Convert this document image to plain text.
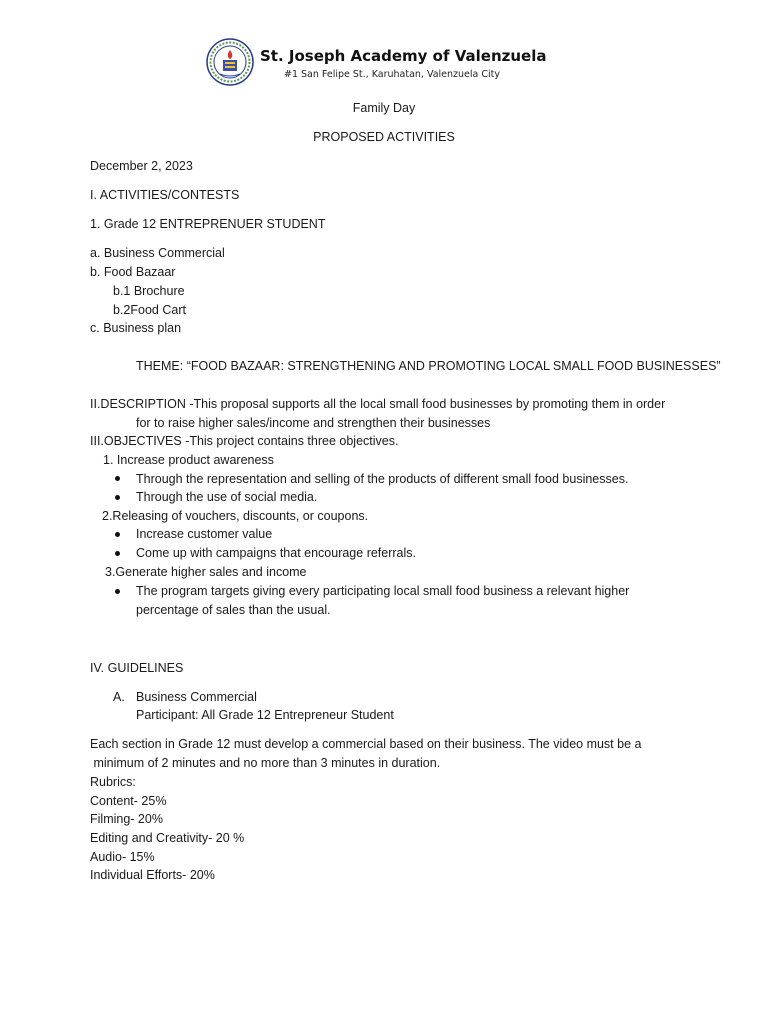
St. Joseph Academy of Valenzuela
#1 San Felipe St., Karuhatan, Valenzuela City
Family Day
PROPOSED ACTIVITIES
December 2, 2023
I. ACTIVITIES/CONTESTS
1. Grade 12 ENTREPRENUER STUDENT
a. Business Commercial
b. Food Bazaar
b.1 Brochure
b.2Food Cart
c. Business plan
THEME: “FOOD BAZAAR: STRENGTHENING AND PROMOTING LOCAL SMALL FOOD BUSINESSES”
II.DESCRIPTION -This proposal supports all the local small food businesses by promoting them in order
for to raise higher sales/income and strengthen their businesses
III.OBJECTIVES -This project contains three objectives.
1. Increase product awareness
Through the representation and selling of the products of different small food businesses.
Through the use of social media.
2.Releasing of vouchers, discounts, or coupons.
Increase customer value
Come up with campaigns that encourage referrals.
3.Generate higher sales and income
The program targets giving every participating local small food business a relevant higher
percentage of sales than the usual.
IV. GUIDELINES
A. Business Commercial
Participant: All Grade 12 Entrepreneur Student
Each section in Grade 12 must develop a commercial based on their business. The video must be a
minimum of 2 minutes and no more than 3 minutes in duration.
Rubrics:
Content- 25%
Filming- 20%
Editing and Creativity- 20 %
Audio- 15%
Individual Efforts- 20%
